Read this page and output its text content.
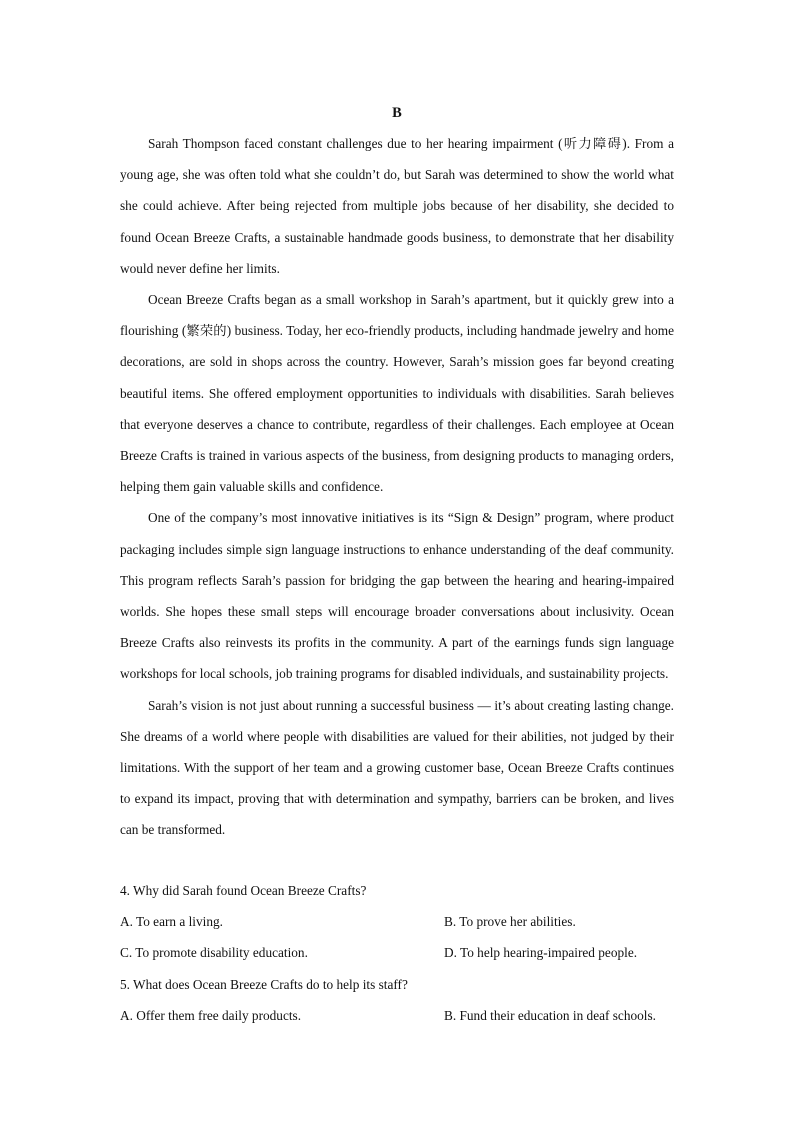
B

Sarah Thompson faced constant challenges due to her hearing impairment (听力障碍). From a young age, she was often told what she couldn’t do, but Sarah was determined to show the world what she could achieve. After being rejected from multiple jobs because of her disability, she decided to found Ocean Breeze Crafts, a sustainable handmade goods business, to demonstrate that her disability would never define her limits.

Ocean Breeze Crafts began as a small workshop in Sarah’s apartment, but it quickly grew into a flourishing (繁荣的) business. Today, her eco-friendly products, including handmade jewelry and home decorations, are sold in shops across the country. However, Sarah’s mission goes far beyond creating beautiful items. She offered employment opportunities to individuals with disabilities. Sarah believes that everyone deserves a chance to contribute, regardless of their challenges. Each employee at Ocean Breeze Crafts is trained in various aspects of the business, from designing products to managing orders, helping them gain valuable skills and confidence.

One of the company’s most innovative initiatives is its “Sign & Design” program, where product packaging includes simple sign language instructions to enhance understanding of the deaf community. This program reflects Sarah’s passion for bridging the gap between the hearing and hearing-impaired worlds. She hopes these small steps will encourage broader conversations about inclusivity. Ocean Breeze Crafts also reinvests its profits in the community. A part of the earnings funds sign language workshops for local schools, job training programs for disabled individuals, and sustainability projects.

Sarah’s vision is not just about running a successful business — it’s about creating lasting change. She dreams of a world where people with disabilities are valued for their abilities, not judged by their limitations. With the support of her team and a growing customer base, Ocean Breeze Crafts continues to expand its impact, proving that with determination and sympathy, barriers can be broken, and lives can be transformed.

4. Why did Sarah found Ocean Breeze Crafts?

A. To earn a living.	B. To prove her abilities.
C. To promote disability education.	D. To help hearing-impaired people.

5. What does Ocean Breeze Crafts do to help its staff?

A. Offer them free daily products.	B. Fund their education in deaf schools.
